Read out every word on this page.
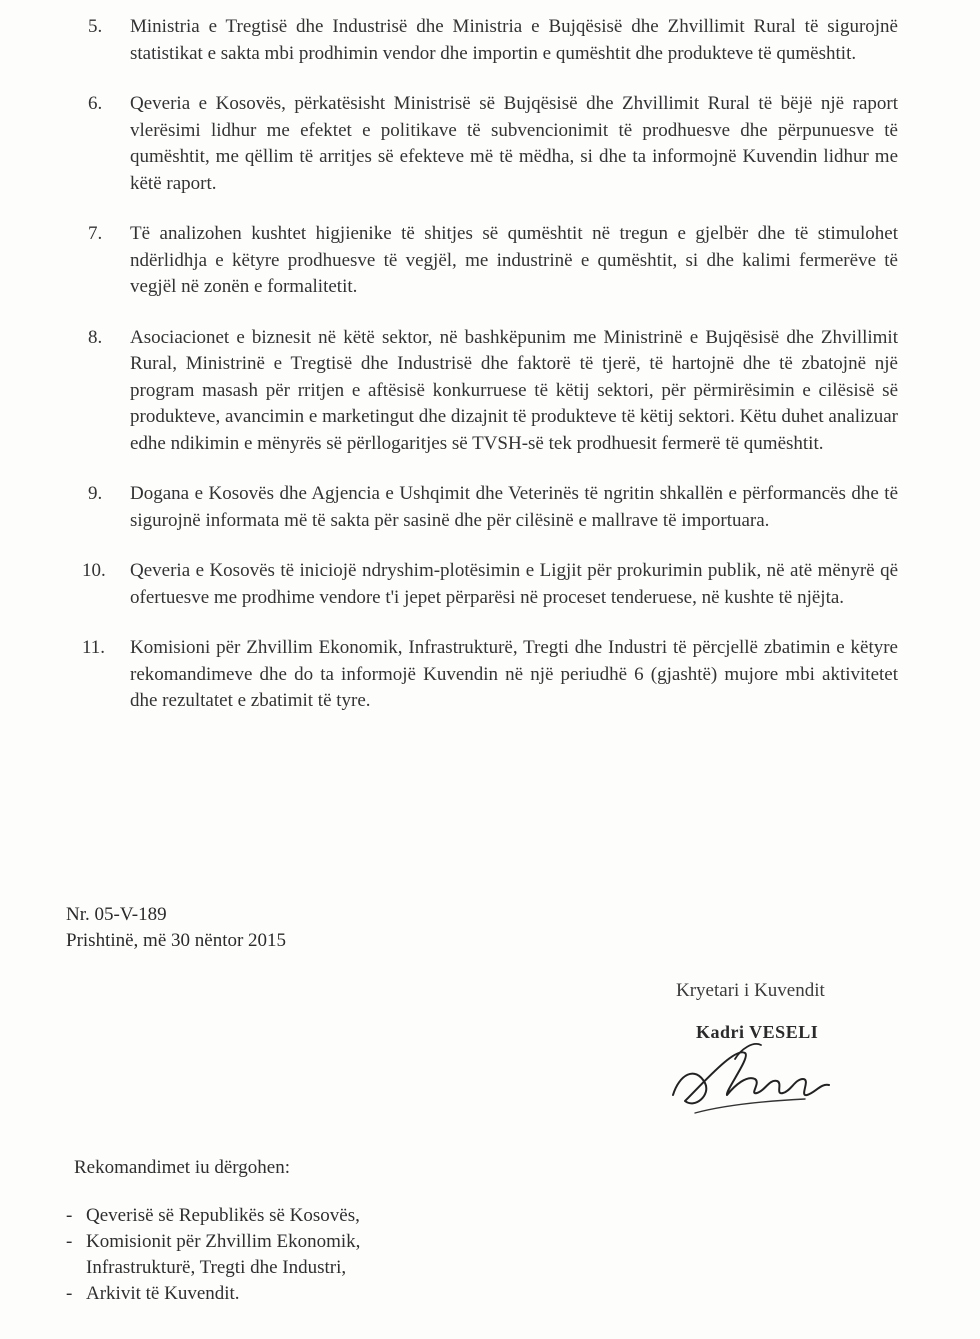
5.	Ministria e Tregtisë dhe Industrisë dhe Ministria e Bujqësisë dhe Zhvillimit Rural të sigurojnë statistikat e sakta mbi prodhimin vendor dhe importin e qumështit dhe produkteve të qumështit.
6.	Qeveria e Kosovës, përkatësisht Ministrisë së Bujqësisë dhe Zhvillimit Rural të bëjë një raport vlerësimi lidhur me efektet e politikave të subvencionimit të prodhuesve dhe përpunuesve të qumështit, me qëllim të arritjes së efekteve më të mëdha, si dhe ta informojnë Kuvendin lidhur me këtë raport.
7.	Të analizohen kushtet higjienike të shitjes së qumështit në tregun e gjelbër dhe të stimulohet ndërlidhja e këtyre prodhuesve të vegjël, me industrinë e qumështit, si dhe kalimi fermerëve të vegjël në zonën e formalitetit.
8.	Asociacionet e biznesit në këtë sektor, në bashkëpunim me Ministrinë e Bujqësisë dhe Zhvillimit Rural, Ministrinë e Tregtisë dhe Industrisë dhe faktorë të tjerë, të hartojnë dhe të zbatojnë një program masash për rritjen e aftësisë konkurruese të këtij sektori, për përmirësimin e cilësisë së produkteve, avancimin e marketingut dhe dizajnit të produkteve të këtij sektori. Këtu duhet analizuar edhe ndikimin e mënyrës së përllogaritjes së TVSH-së tek prodhuesit fermerë të qumështit.
9.	Dogana e Kosovës dhe Agjencia e Ushqimit dhe Veterinës të ngritin shkallën e përformancës dhe të sigurojnë informata më të sakta për sasinë dhe për cilësinë e mallrave të importuara.
10.	Qeveria e Kosovës të iniciojë ndryshim-plotësimin e Ligjit për prokurimin publik, në atë mënyrë që ofertuesve me prodhime vendore t'i jepet përparësi në proceset tenderuese, në kushte të njëjta.
11.	Komisioni për Zhvillim Ekonomik, Infrastrukturë, Tregti dhe Industri të përcjellë zbatimin e këtyre rekomandimeve dhe do ta informojë Kuvendin në një periudhë 6 (gjashtë) mujore mbi aktivitetet dhe rezultatet e zbatimit të tyre.
Nr. 05-V-189
Prishtinë, më 30 nëntor 2015
Kryetari i Kuvendit
Kadri VESELI
Rekomandimet iu dërgohen:
- Qeverisë së Republikës së Kosovës,
- Komisionit për Zhvillim Ekonomik, Infrastrukturë, Tregti dhe Industri,
- Arkivit të Kuvendit.
